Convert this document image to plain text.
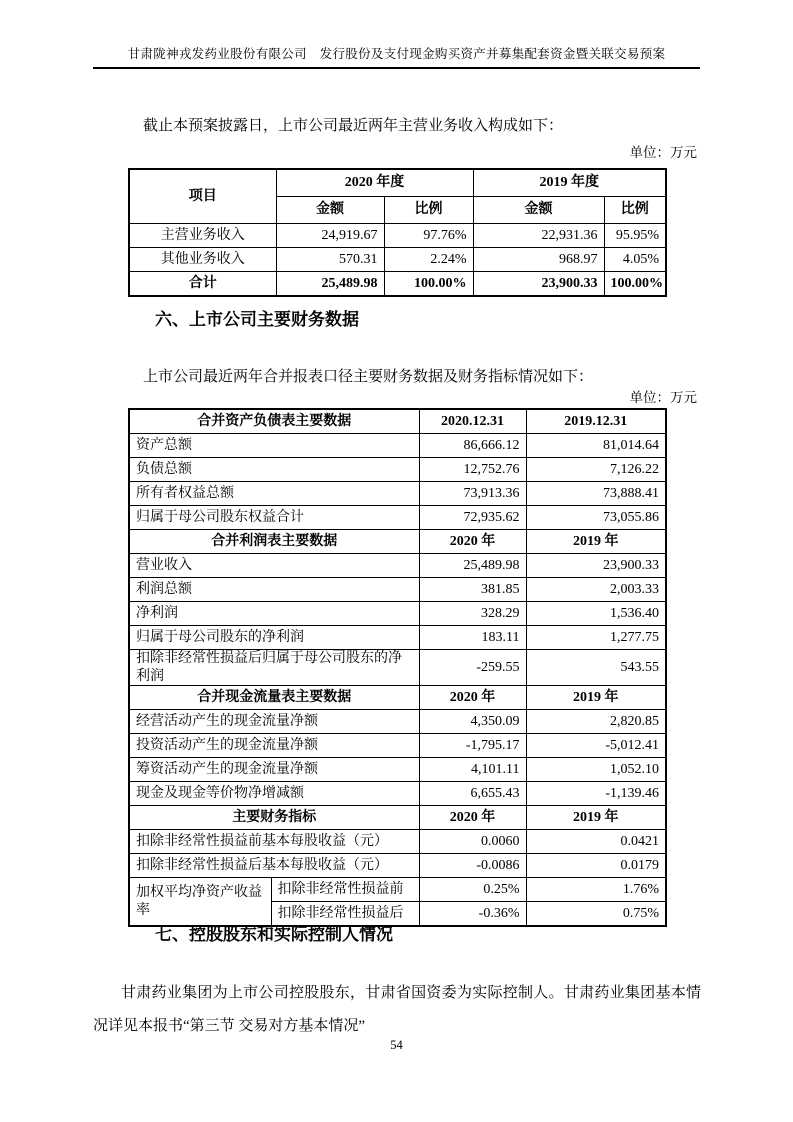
甘肃陇神戎发药业股份有限公司　发行股份及支付现金购买资产并募集配套资金暨关联交易预案

截止本预案披露日，上市公司最近两年主营业务收入构成如下：

单位：万元
项目	2020 年度		2019 年度	
	金额	比例	金额	比例
主营业务收入	24,919.67	97.76%	22,931.36	95.95%
其他业务收入	570.31	2.24%	968.97	4.05%
合计	25,489.98	100.00%	23,900.33	100.00%
六、上市公司主要财务数据

上市公司最近两年合并报表口径主要财务数据及财务指标情况如下：

单位：万元
合并资产负债表主要数据		2020.12.31	2019.12.31
资产总额		86,666.12	81,014.64
负债总额		12,752.76	7,126.22
所有者权益总额		73,913.36	73,888.41
归属于母公司股东权益合计		72,935.62	73,055.86
合并利润表主要数据		2020 年	2019 年
营业收入		25,489.98	23,900.33
利润总额		381.85	2,003.33
净利润		328.29	1,536.40
归属于母公司股东的净利润		183.11	1,277.75
扣除非经常性损益后归属于母公司股东的净利润		-259.55	543.55
合并现金流量表主要数据		2020 年	2019 年
经营活动产生的现金流量净额		4,350.09	2,820.85
投资活动产生的现金流量净额		-1,795.17	-5,012.41
筹资活动产生的现金流量净额		4,101.11	1,052.10
现金及现金等价物净增减额		6,655.43	-1,139.46
主要财务指标		2020 年	2019 年
扣除非经常性损益前基本每股收益（元）		0.0060	0.0421
扣除非经常性损益后基本每股收益（元）		-0.0086	0.0179
加权平均净资产收益率	扣除非经常性损益前	0.25%	1.76%
	扣除非经常性损益后	-0.36%	0.75%
七、控股股东和实际控制人情况

甘肃药业集团为上市公司控股股东，甘肃省国资委为实际控制人。甘肃药业集团基本情况详见本报书“第三节 交易对方基本情况”

54
